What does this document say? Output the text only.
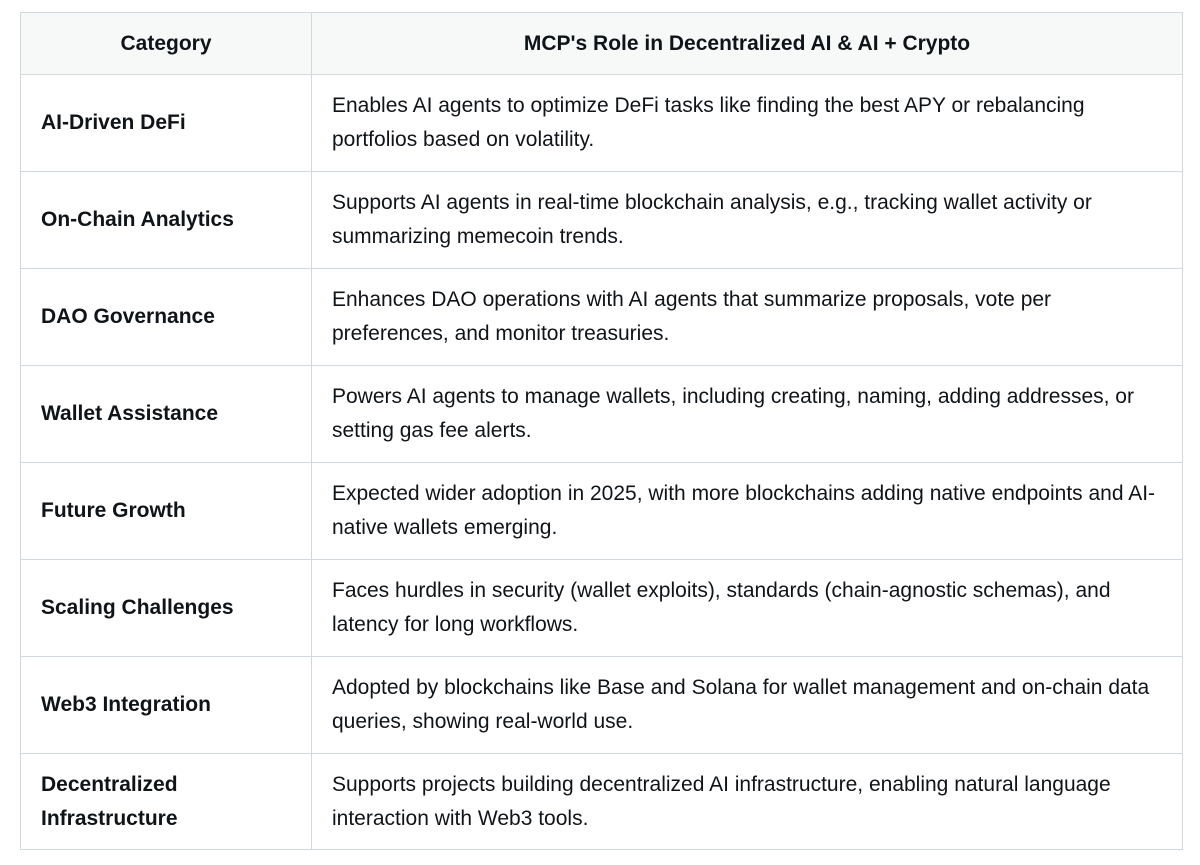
Category	MCP's Role in Decentralized AI & AI + Crypto
AI-Driven DeFi	Enables AI agents to optimize DeFi tasks like finding the best APY or rebalancing portfolios based on volatility.
On-Chain Analytics	Supports AI agents in real-time blockchain analysis, e.g., tracking wallet activity or summarizing memecoin trends.
DAO Governance	Enhances DAO operations with AI agents that summarize proposals, vote per preferences, and monitor treasuries.
Wallet Assistance	Powers AI agents to manage wallets, including creating, naming, adding addresses, or setting gas fee alerts.
Future Growth	Expected wider adoption in 2025, with more blockchains adding native endpoints and AI-native wallets emerging.
Scaling Challenges	Faces hurdles in security (wallet exploits), standards (chain-agnostic schemas), and latency for long workflows.
Web3 Integration	Adopted by blockchains like Base and Solana for wallet management and on-chain data queries, showing real-world use.
Decentralized Infrastructure	Supports projects building decentralized AI infrastructure, enabling natural language interaction with Web3 tools.
